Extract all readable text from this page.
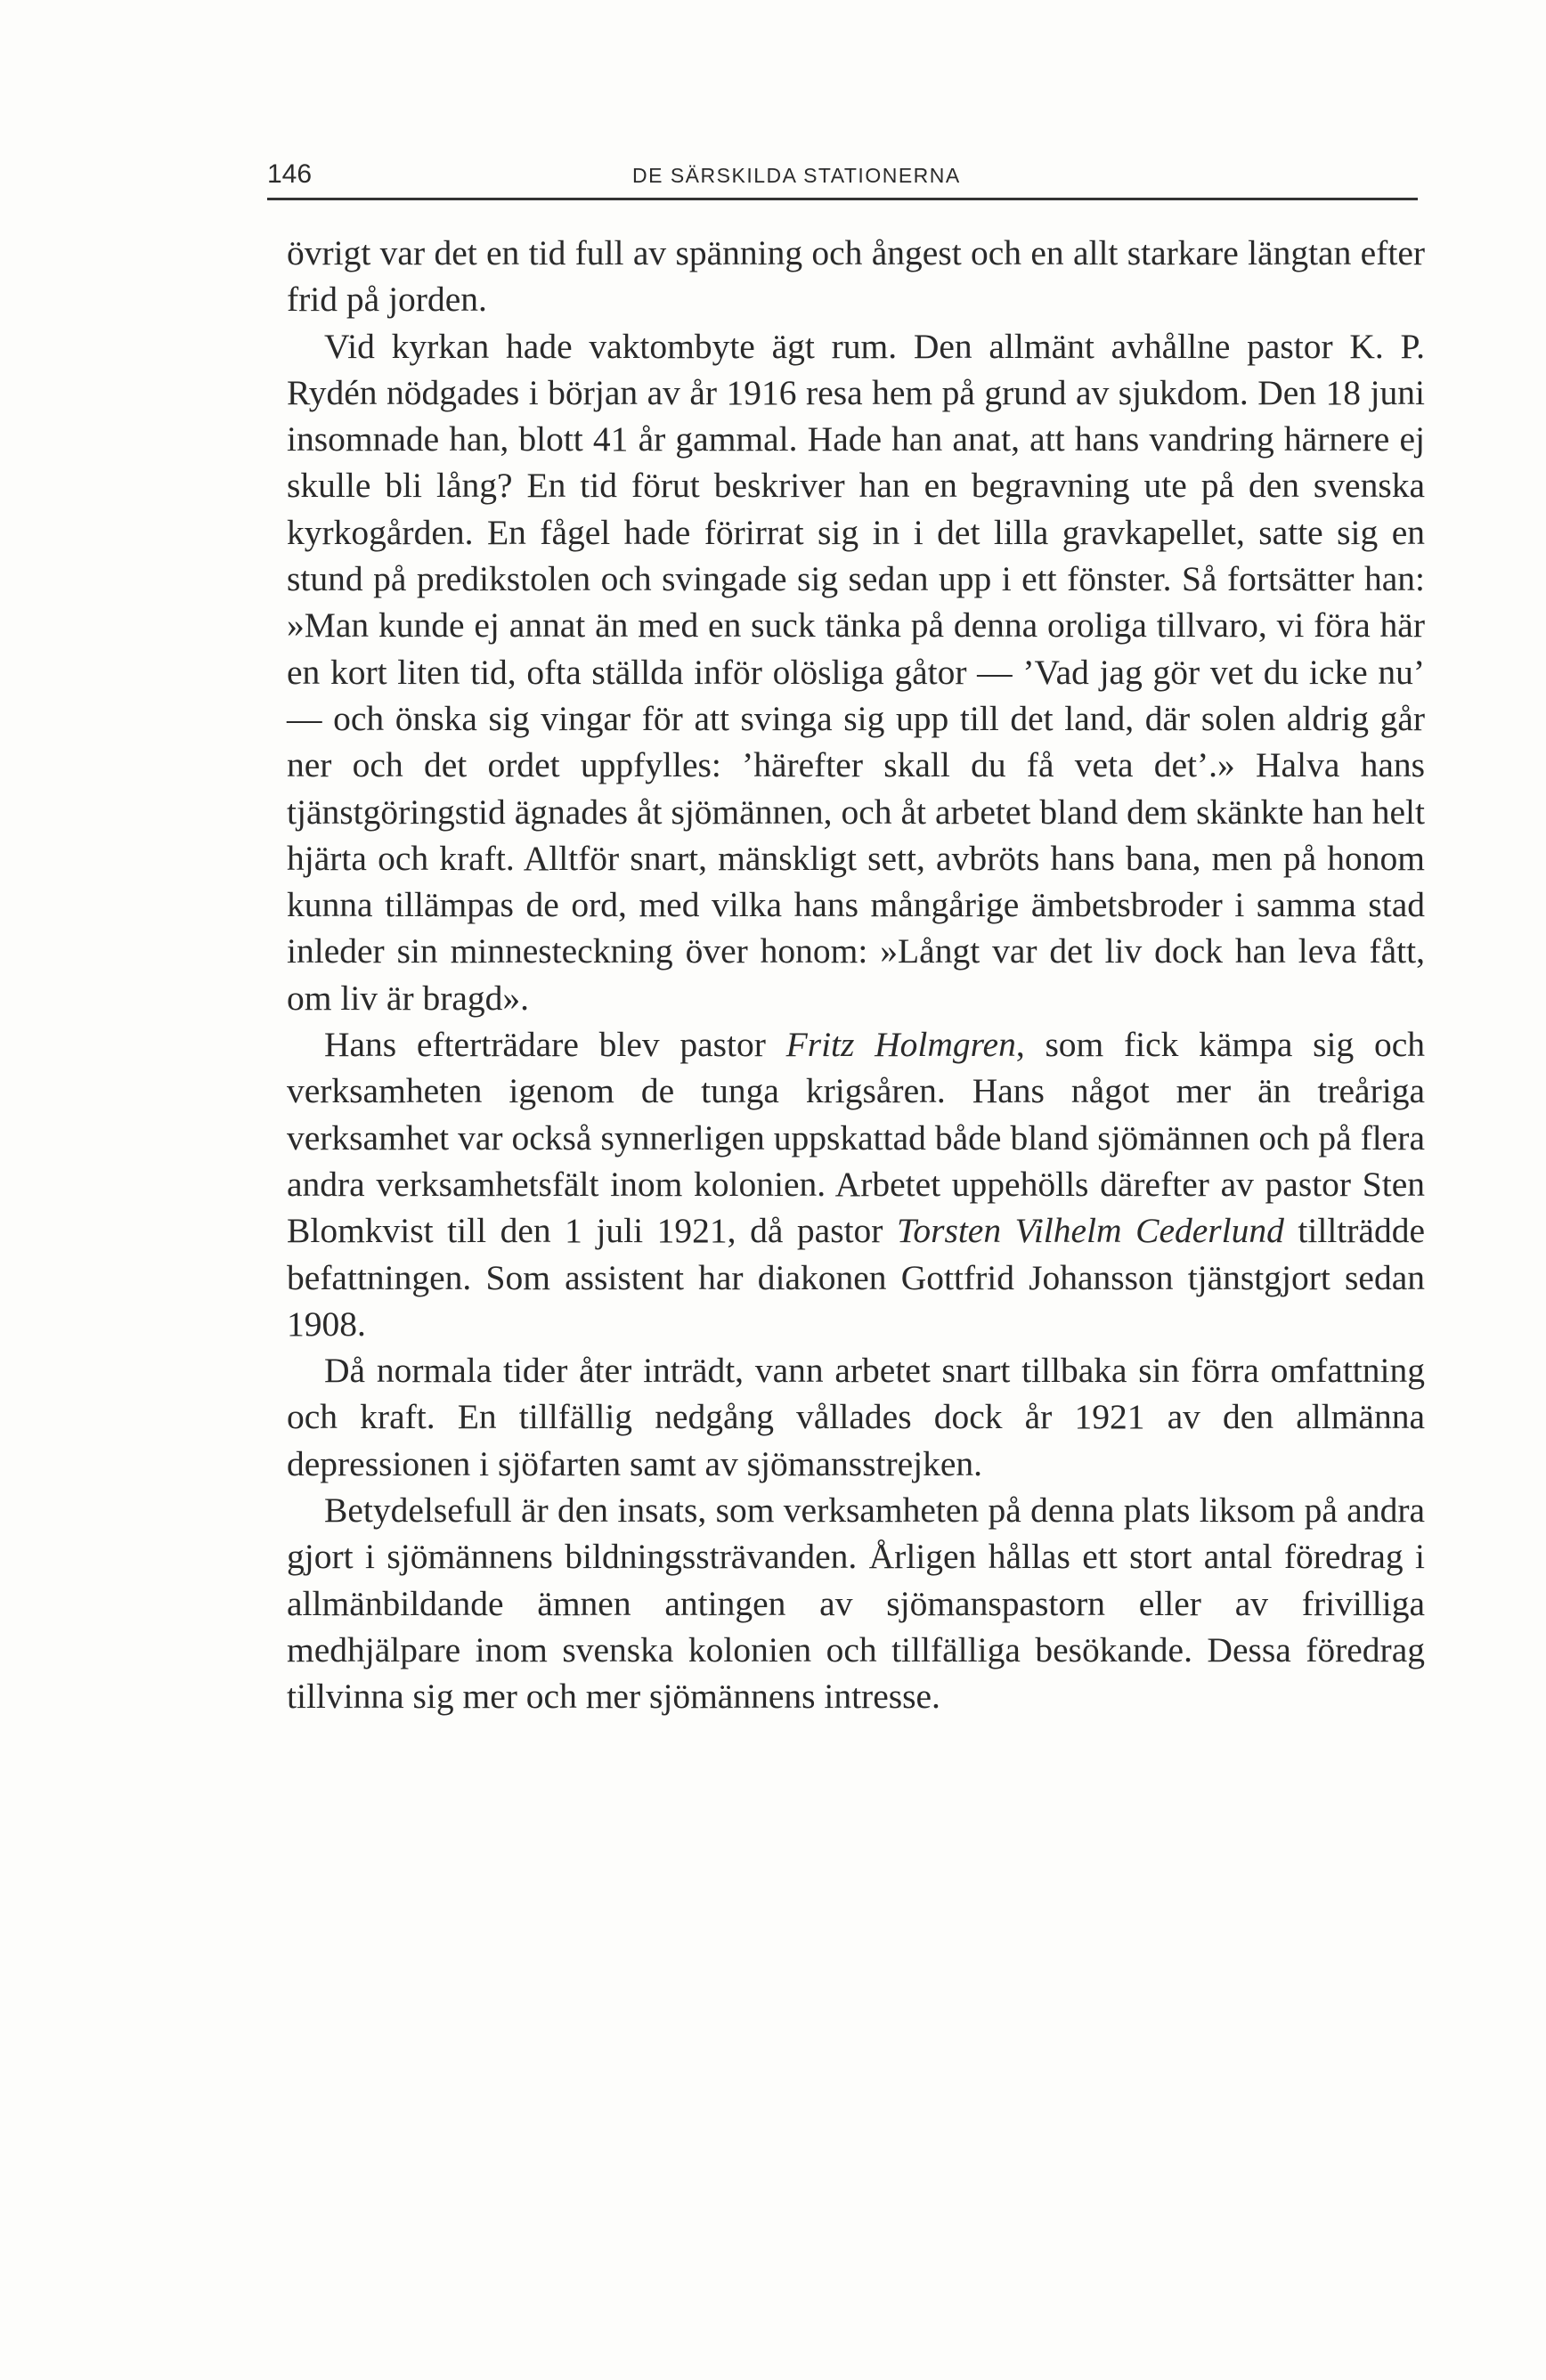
146	DE SÄRSKILDA STATIONERNA

övrigt var det en tid full av spänning och ångest och en allt starkare längtan efter frid på jorden.

Vid kyrkan hade vaktombyte ägt rum. Den allmänt avhållne pastor K. P. Rydén nödgades i början av år 1916 resa hem på grund av sjukdom. Den 18 juni insomnade han, blott 41 år gammal. Hade han anat, att hans vandring härnere ej skulle bli lång? En tid förut beskriver han en begravning ute på den svenska kyrkogården. En fågel hade förirrat sig in i det lilla gravkapellet, satte sig en stund på predikstolen och svingade sig sedan upp i ett fönster. Så fortsätter han: »Man kunde ej annat än med en suck tänka på denna oroliga tillvaro, vi föra här en kort liten tid, ofta ställda inför olösliga gåtor — ’Vad jag gör vet du icke nu’ — och önska sig vingar för att svinga sig upp till det land, där solen aldrig går ner och det ordet uppfylles: ’härefter skall du få veta det’.» Halva hans tjänstgöringstid ägnades åt sjömännen, och åt arbetet bland dem skänkte han helt hjärta och kraft. Alltför snart, mänskligt sett, avbröts hans bana, men på honom kunna tillämpas de ord, med vilka hans mångårige ämbetsbroder i samma stad inleder sin minnesteckning över honom: »Långt var det liv dock han leva fått, om liv är bragd».

Hans efterträdare blev pastor Fritz Holmgren, som fick kämpa sig och verksamheten igenom de tunga krigsåren. Hans något mer än treåriga verksamhet var också synnerligen uppskattad både bland sjömännen och på flera andra verksamhetsfält inom kolonien. Arbetet uppehölls därefter av pastor Sten Blomkvist till den 1 juli 1921, då pastor Torsten Vilhelm Cederlund tillträdde befattningen. Som assistent har diakonen Gottfrid Johansson tjänstgjort sedan 1908.

Då normala tider åter inträdt, vann arbetet snart tillbaka sin förra omfattning och kraft. En tillfällig nedgång vållades dock år 1921 av den allmänna depressionen i sjöfarten samt av sjömansstrejken.

Betydelsefull är den insats, som verksamheten på denna plats liksom på andra gjort i sjömännens bildningssträvanden. Årligen hållas ett stort antal föredrag i allmänbildande ämnen antingen av sjömanspastorn eller av frivilliga medhjälpare inom svenska kolonien och tillfälliga besökande. Dessa föredrag tillvinna sig mer och mer sjömännens intresse.
